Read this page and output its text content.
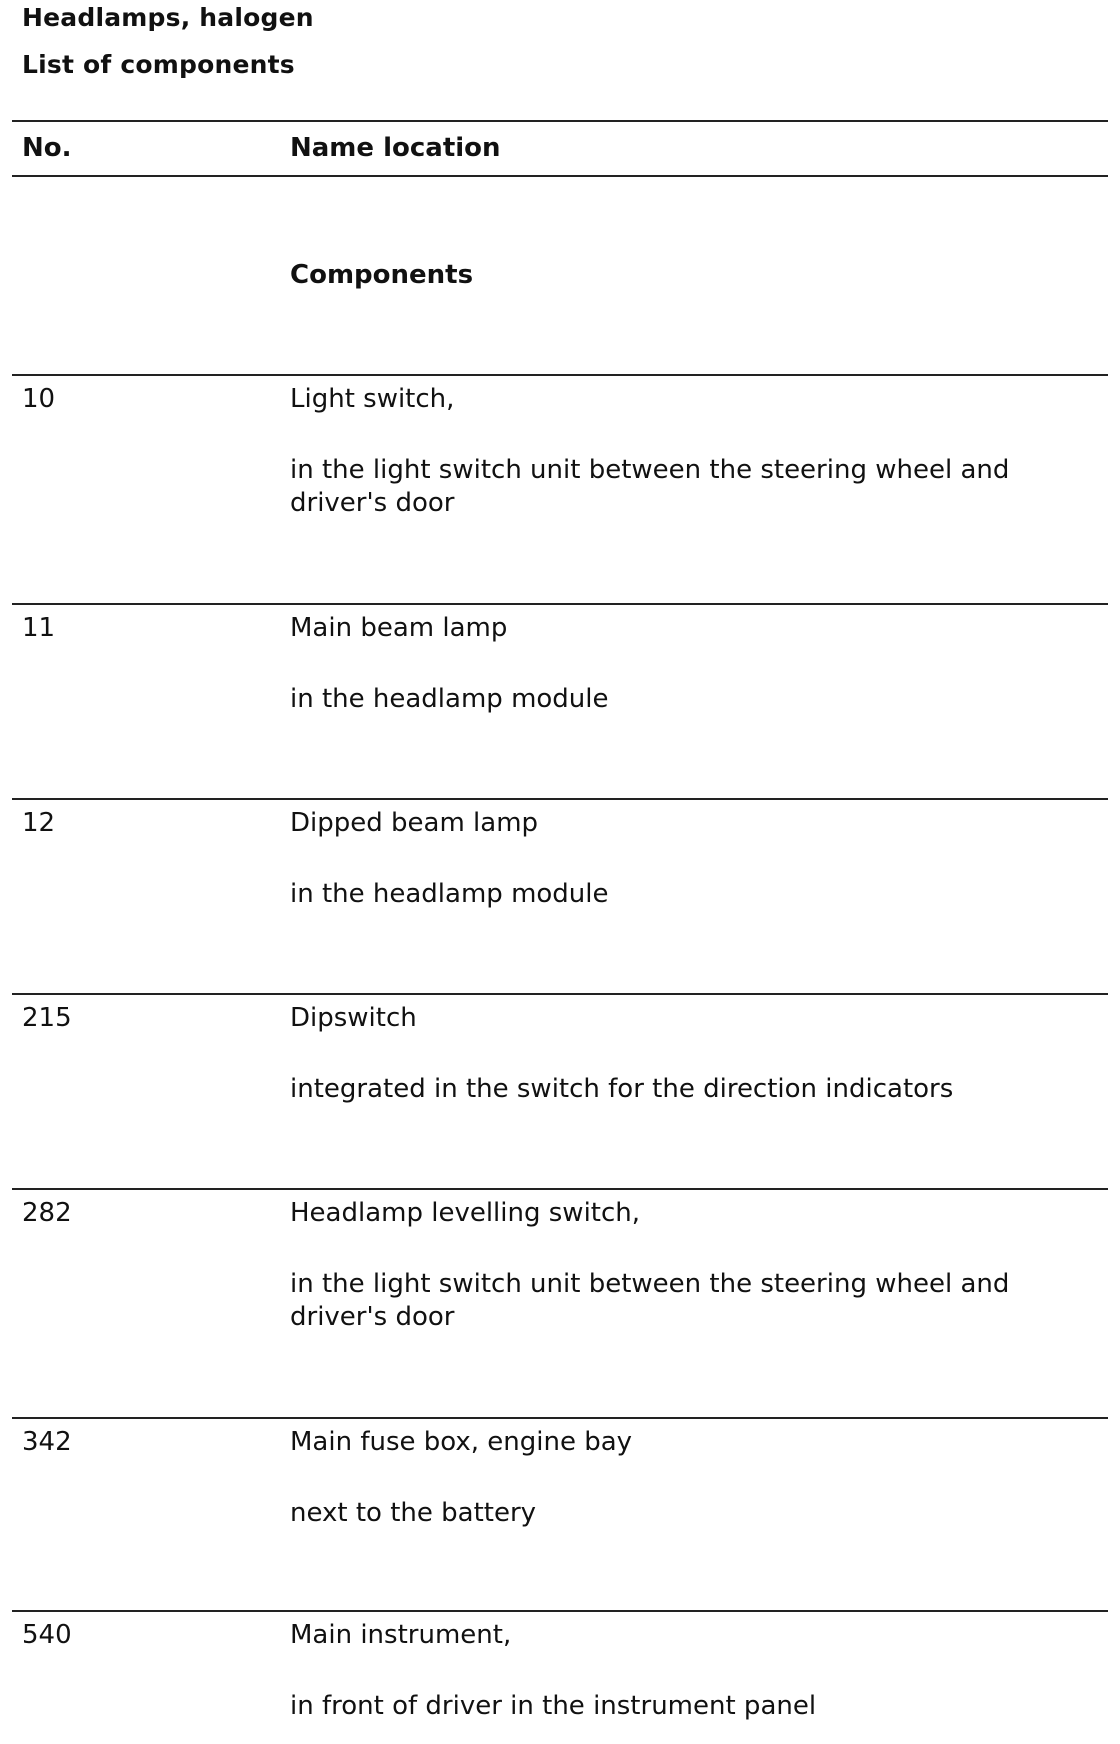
Headlamps, halogen
List of components
No.	Name location
Components
10	Light switch,
in the light switch unit between the steering wheel and driver's door
11	Main beam lamp
in the headlamp module
12	Dipped beam lamp
in the headlamp module
215	Dipswitch
integrated in the switch for the direction indicators
282	Headlamp levelling switch,
in the light switch unit between the steering wheel and driver's door
342	Main fuse box, engine bay
next to the battery
540	Main instrument,
in front of driver in the instrument panel
